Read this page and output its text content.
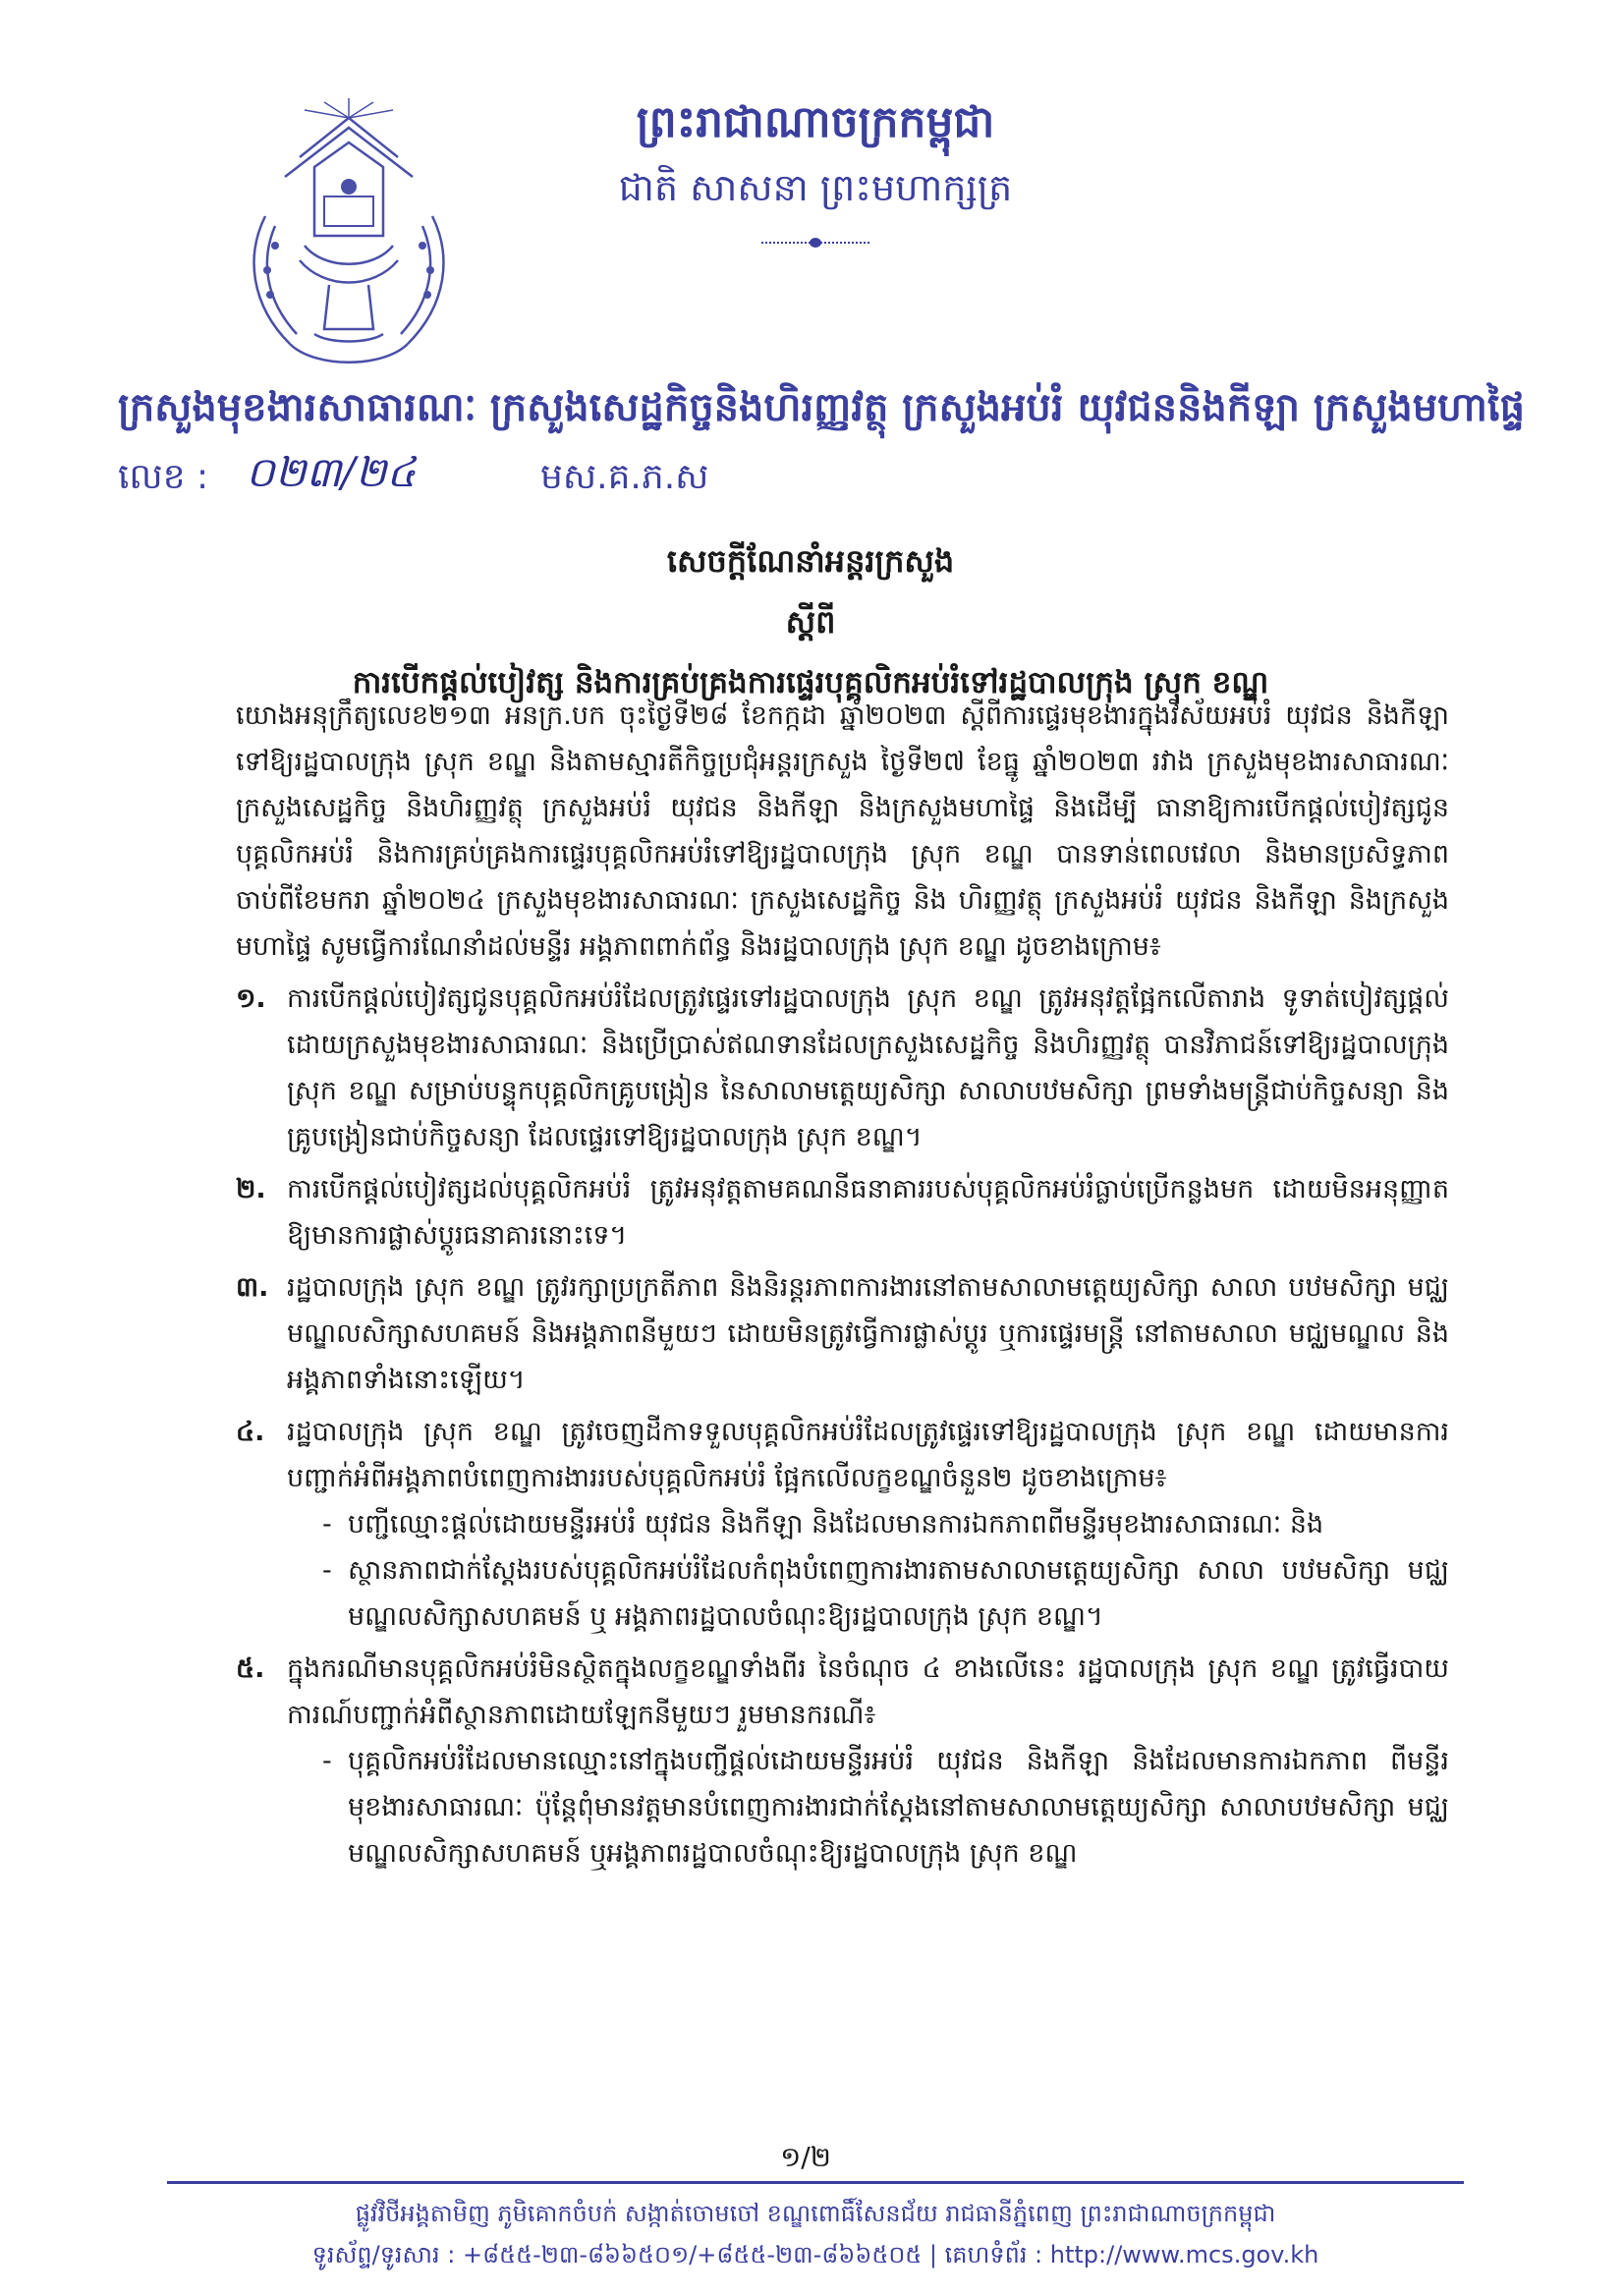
ព្រះរាជាណាចក្រកម្ពុជា
ជាតិ សាសនា ព្រះមហាក្សត្រ
ក្រសួងមុខងារសាធារណៈ ក្រសួងសេដ្ឋកិច្ចនិងហិរញ្ញវត្ថុ ក្រសួងអប់រំ យុវជននិងកីឡា ក្រសួងមហាផ្ទៃ
លេខ : ០២៣/២៤	មស.គ.ភ.ស
សេចក្តីណែនាំអន្តរក្រសួង
ស្តីពី
ការបើកផ្តល់បៀវត្ស និងការគ្រប់គ្រងការផ្ទេរបុគ្គលិកអប់រំទៅរដ្ឋបាលក្រុង ស្រុក ខណ្ឌ

យោងអនុក្រឹត្យលេខ២១៣ អនក្រ.បក ចុះថ្ងៃទី២៨ ខែកក្កដា ឆ្នាំ២០២៣ ស្តីពីការផ្ទេរមុខងារក្នុងវិស័យអប់រំ យុវជន និងកីឡាទៅឱ្យរដ្ឋបាលក្រុង ស្រុក ខណ្ឌ និងតាមស្មារតីកិច្ចប្រជុំអន្តរក្រសួង ថ្ងៃទី២៧ ខែធ្នូ ឆ្នាំ២០២៣ រវាង ក្រសួងមុខងារសាធារណៈ ក្រសួងសេដ្ឋកិច្ច និងហិរញ្ញវត្ថុ ក្រសួងអប់រំ យុវជន និងកីឡា និងក្រសួងមហាផ្ទៃ និងដើម្បី ធានាឱ្យការបើកផ្តល់បៀវត្សជូនបុគ្គលិកអប់រំ និងការគ្រប់គ្រងការផ្ទេរបុគ្គលិកអប់រំទៅឱ្យរដ្ឋបាលក្រុង ស្រុក ខណ្ឌ បានទាន់ពេលវេលា និងមានប្រសិទ្ធភាពចាប់ពីខែមករា ឆ្នាំ២០២៤ ក្រសួងមុខងារសាធារណៈ ក្រសួងសេដ្ឋកិច្ច និង ហិរញ្ញវត្ថុ ក្រសួងអប់រំ យុវជន និងកីឡា និងក្រសួងមហាផ្ទៃ សូមធ្វើការណែនាំដល់មន្ទីរ អង្គភាពពាក់ព័ន្ធ និងរដ្ឋបាលក្រុង ស្រុក ខណ្ឌ ដូចខាងក្រោម៖

១. ការបើកផ្តល់បៀវត្សជូនបុគ្គលិកអប់រំដែលត្រូវផ្ទេរទៅរដ្ឋបាលក្រុង ស្រុក ខណ្ឌ ត្រូវអនុវត្តផ្អែកលើតារាង ទូទាត់បៀវត្សផ្តល់ដោយក្រសួងមុខងារសាធារណៈ និងប្រើប្រាស់ឥណទានដែលក្រសួងសេដ្ឋកិច្ច និងហិរញ្ញវត្ថុ បានវិភាជន៍ទៅឱ្យរដ្ឋបាលក្រុង ស្រុក ខណ្ឌ សម្រាប់បន្ទុកបុគ្គលិកគ្រូបង្រៀន នៃសាលាមត្តេយ្យសិក្សា សាលាបឋមសិក្សា ព្រមទាំងមន្ត្រីជាប់កិច្ចសន្យា និងគ្រូបង្រៀនជាប់កិច្ចសន្យា ដែលផ្ទេរទៅឱ្យរដ្ឋបាលក្រុង ស្រុក ខណ្ឌ។

២. ការបើកផ្តល់បៀវត្សដល់បុគ្គលិកអប់រំ ត្រូវអនុវត្តតាមគណនីធនាគាររបស់បុគ្គលិកអប់រំធ្លាប់ប្រើកន្លងមក ដោយមិនអនុញ្ញាតឱ្យមានការផ្លាស់ប្តូរធនាគារនោះទេ។

៣. រដ្ឋបាលក្រុង ស្រុក ខណ្ឌ ត្រូវរក្សាប្រក្រតីភាព និងនិរន្តរភាពការងារនៅតាមសាលាមត្តេយ្យសិក្សា សាលា បឋមសិក្សា មជ្ឈមណ្ឌលសិក្សាសហគមន៍ និងអង្គភាពនីមួយៗ ដោយមិនត្រូវធ្វើការផ្លាស់ប្តូរ ឬការផ្ទេរមន្ត្រី នៅតាមសាលា មជ្ឈមណ្ឌល និងអង្គភាពទាំងនោះឡើយ។

៤. រដ្ឋបាលក្រុង ស្រុក ខណ្ឌ ត្រូវចេញដីកាទទួលបុគ្គលិកអប់រំដែលត្រូវផ្ទេរទៅឱ្យរដ្ឋបាលក្រុង ស្រុក ខណ្ឌ ដោយមានការបញ្ជាក់អំពីអង្គភាពបំពេញការងាររបស់បុគ្គលិកអប់រំ ផ្អែកលើលក្ខខណ្ឌចំនួន២ ដូចខាងក្រោម៖

- បញ្ជីឈ្មោះផ្តល់ដោយមន្ទីរអប់រំ យុវជន និងកីឡា និងដែលមានការឯកភាពពីមន្ទីរមុខងារសាធារណៈ និង

- ស្ថានភាពជាក់ស្តែងរបស់បុគ្គលិកអប់រំដែលកំពុងបំពេញការងារតាមសាលាមត្តេយ្យសិក្សា សាលា បឋមសិក្សា មជ្ឈមណ្ឌលសិក្សាសហគមន៍ ឬ អង្គភាពរដ្ឋបាលចំណុះឱ្យរដ្ឋបាលក្រុង ស្រុក ខណ្ឌ។

៥. ក្នុងករណីមានបុគ្គលិកអប់រំមិនស្ថិតក្នុងលក្ខខណ្ឌទាំងពីរ នៃចំណុច ៤ ខាងលើនេះ រដ្ឋបាលក្រុង ស្រុក ខណ្ឌ ត្រូវធ្វើរបាយការណ៍បញ្ជាក់អំពីស្ថានភាពដោយឡែកនីមួយៗ រួមមានករណី៖

- បុគ្គលិកអប់រំដែលមានឈ្មោះនៅក្នុងបញ្ជីផ្តល់ដោយមន្ទីរអប់រំ យុវជន និងកីឡា និងដែលមានការឯកភាព ពីមន្ទីរមុខងារសាធារណៈ ប៉ុន្តែពុំមានវត្តមានបំពេញការងារជាក់ស្តែងនៅតាមសាលាមត្តេយ្យសិក្សា សាលាបឋមសិក្សា មជ្ឈមណ្ឌលសិក្សាសហគមន៍ ឬអង្គភាពរដ្ឋបាលចំណុះឱ្យរដ្ឋបាលក្រុង ស្រុក ខណ្ឌ

១/២
ផ្លូវវិថីអង្គតាមិញ ភូមិគោកចំបក់ សង្កាត់ចោមចៅ ខណ្ឌពោធិ៍សែនជ័យ រាជធានីភ្នំពេញ ព្រះរាជាណាចក្រកម្ពុជា
ទូរស័ព្ទ/ទូរសារ : +៨៥៥-២៣-៨៦៦៥០១/+៨៥៥-២៣-៨៦៦៥០៥ | គេហទំព័រ : http://www.mcs.gov.kh
